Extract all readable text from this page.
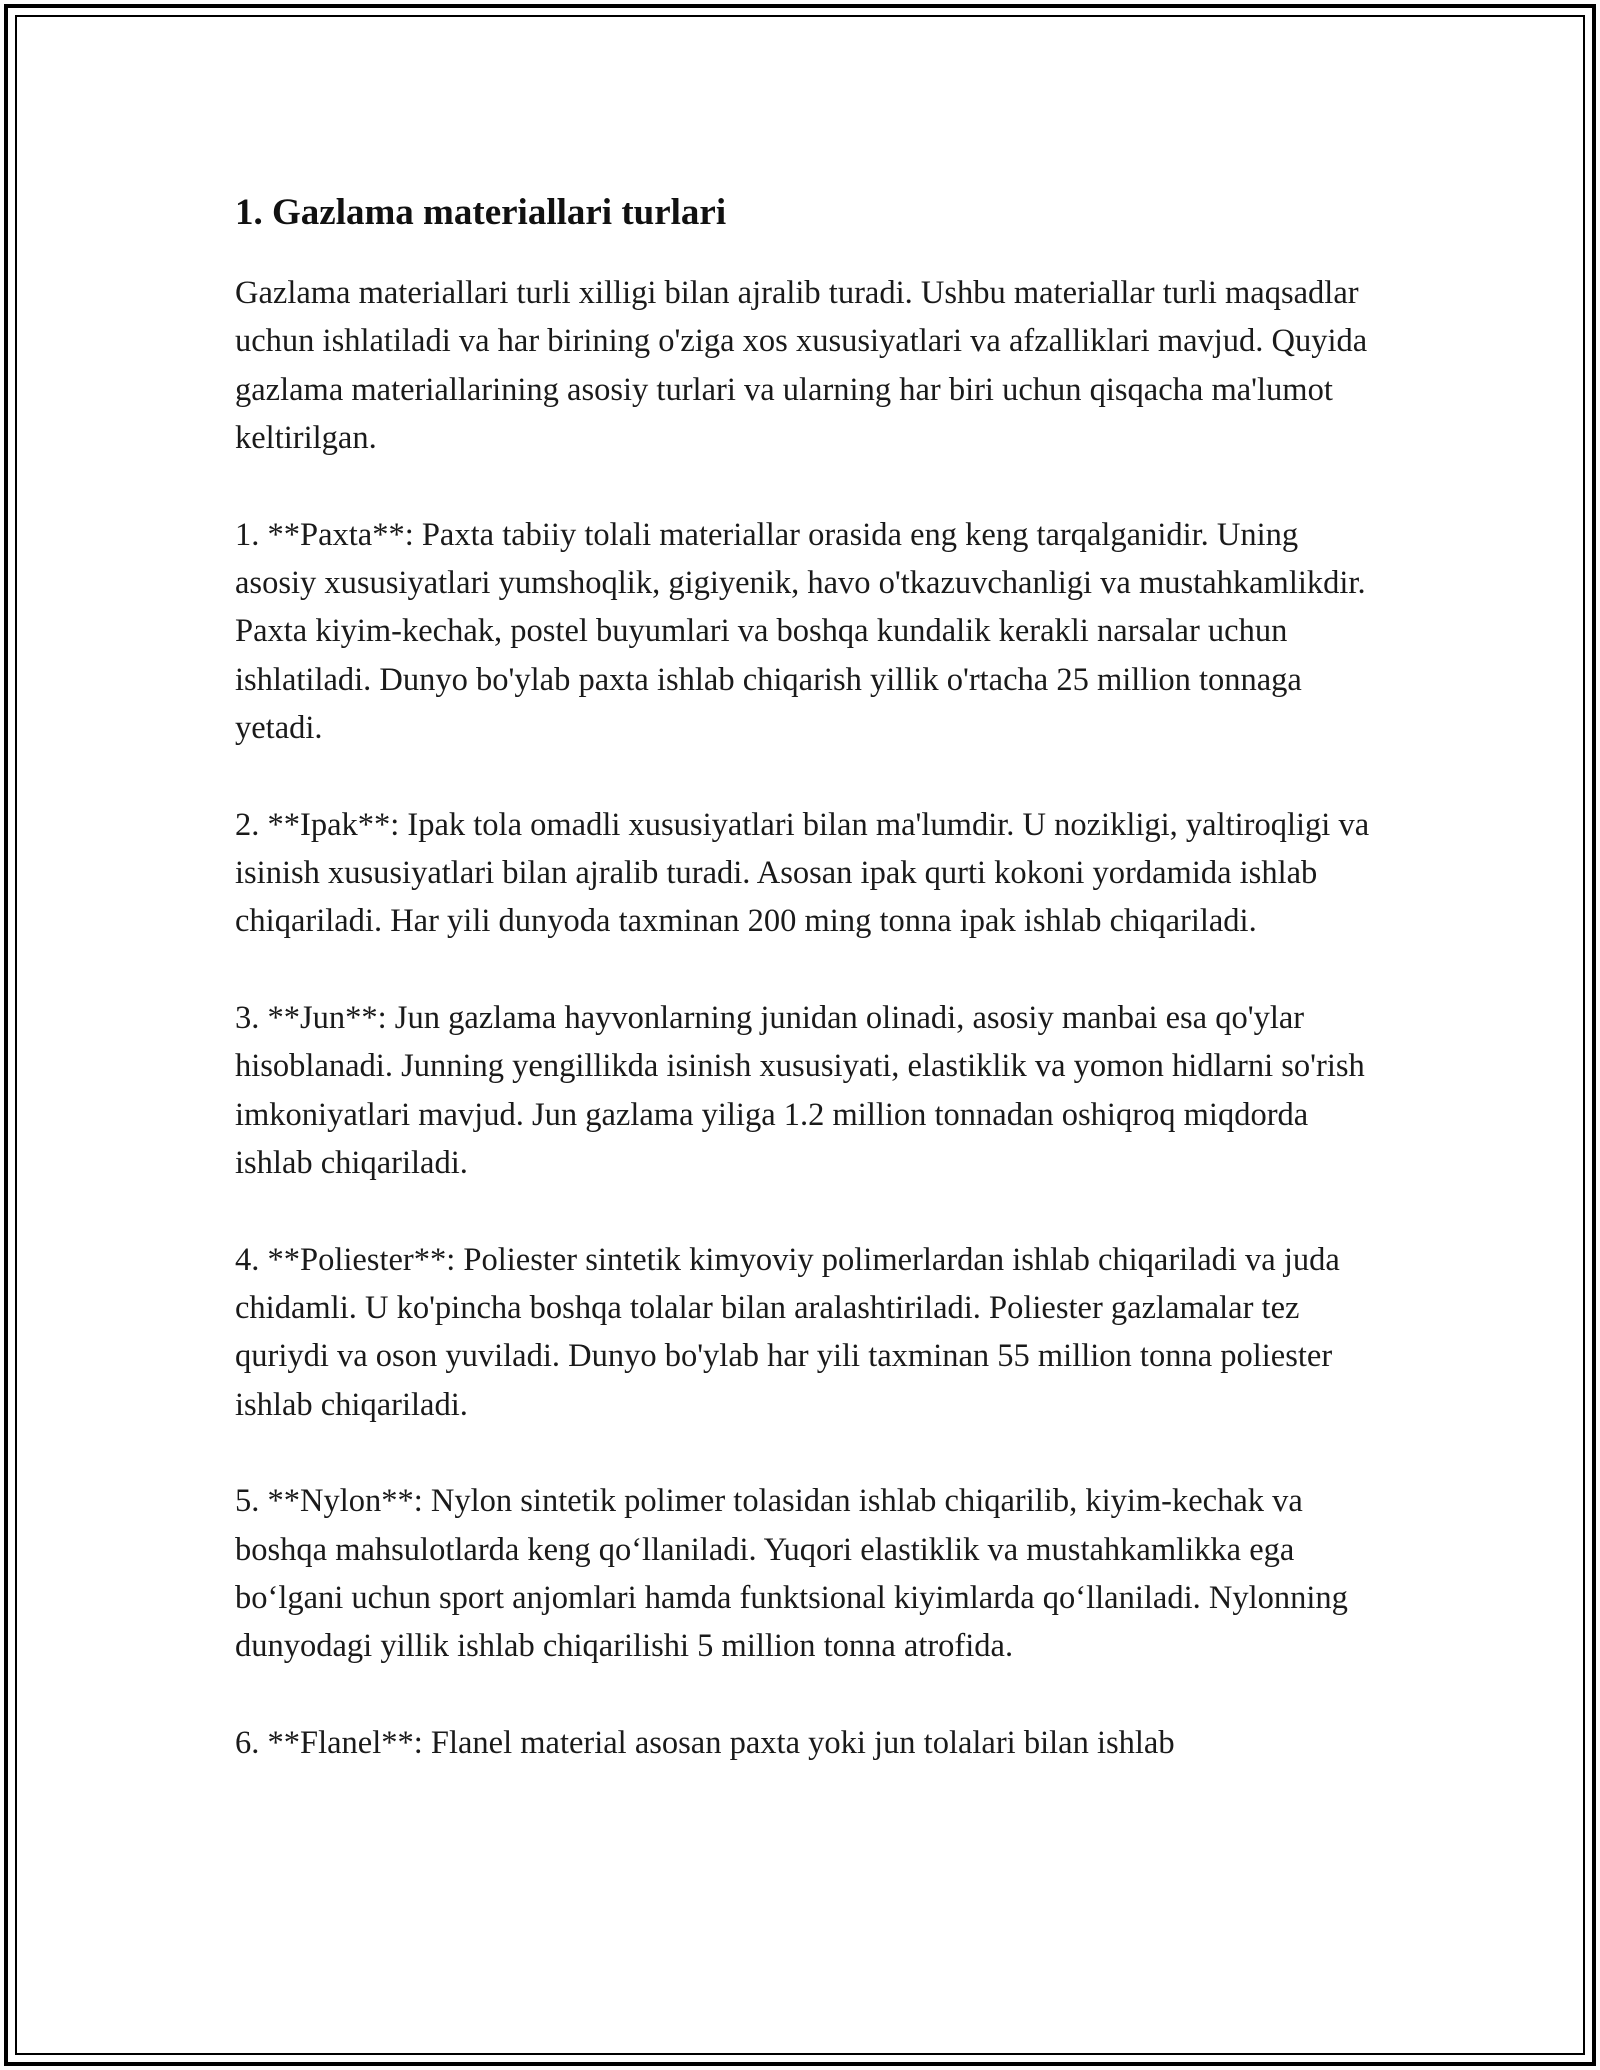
1. Gazlama materiallari turlari

Gazlama materiallari turli xilligi bilan ajralib turadi. Ushbu materiallar turli maqsadlar uchun ishlatiladi va har birining o'ziga xos xususiyatlari va afzalliklari mavjud. Quyida gazlama materiallarining asosiy turlari va ularning har biri uchun qisqacha ma'lumot keltirilgan.

1. **Paxta**: Paxta tabiiy tolali materiallar orasida eng keng tarqalganidir. Uning asosiy xususiyatlari yumshoqlik, gigiyenik, havo o'tkazuvchanligi va mustahkamlikdir. Paxta kiyim-kechak, postel buyumlari va boshqa kundalik kerakli narsalar uchun ishlatiladi. Dunyo bo'ylab paxta ishlab chiqarish yillik o'rtacha 25 million tonnaga yetadi.

2. **Ipak**: Ipak tola omadli xususiyatlari bilan ma'lumdir. U nozikligi, yaltiroqligi va isinish xususiyatlari bilan ajralib turadi. Asosan ipak qurti kokoni yordamida ishlab chiqariladi. Har yili dunyoda taxminan 200 ming tonna ipak ishlab chiqariladi.

3. **Jun**: Jun gazlama hayvonlarning junidan olinadi, asosiy manbai esa qo'ylar hisoblanadi. Junning yengillikda isinish xususiyati, elastiklik va yomon hidlarni so'rish imkoniyatlari mavjud. Jun gazlama yiliga 1.2 million tonnadan oshiqroq miqdorda ishlab chiqariladi.

4. **Poliester**: Poliester sintetik kimyoviy polimerlardan ishlab chiqariladi va juda chidamli. U ko'pincha boshqa tolalar bilan aralashtiriladi. Poliester gazlamalar tez quriydi va oson yuviladi. Dunyo bo'ylab har yili taxminan 55 million tonna poliester ishlab chiqariladi.

5. **Nylon**: Nylon sintetik polimer tolasidan ishlab chiqarilib, kiyim-kechak va boshqa mahsulotlarda keng qo‘llaniladi. Yuqori elastiklik va mustahkamlikka ega bo‘lgani uchun sport anjomlari hamda funktsional kiyimlarda qo‘llaniladi. Nylonning dunyodagi yillik ishlab chiqarilishi 5 million tonna atrofida.

6. **Flanel**: Flanel material asosan paxta yoki jun tolalari bilan ishlab
